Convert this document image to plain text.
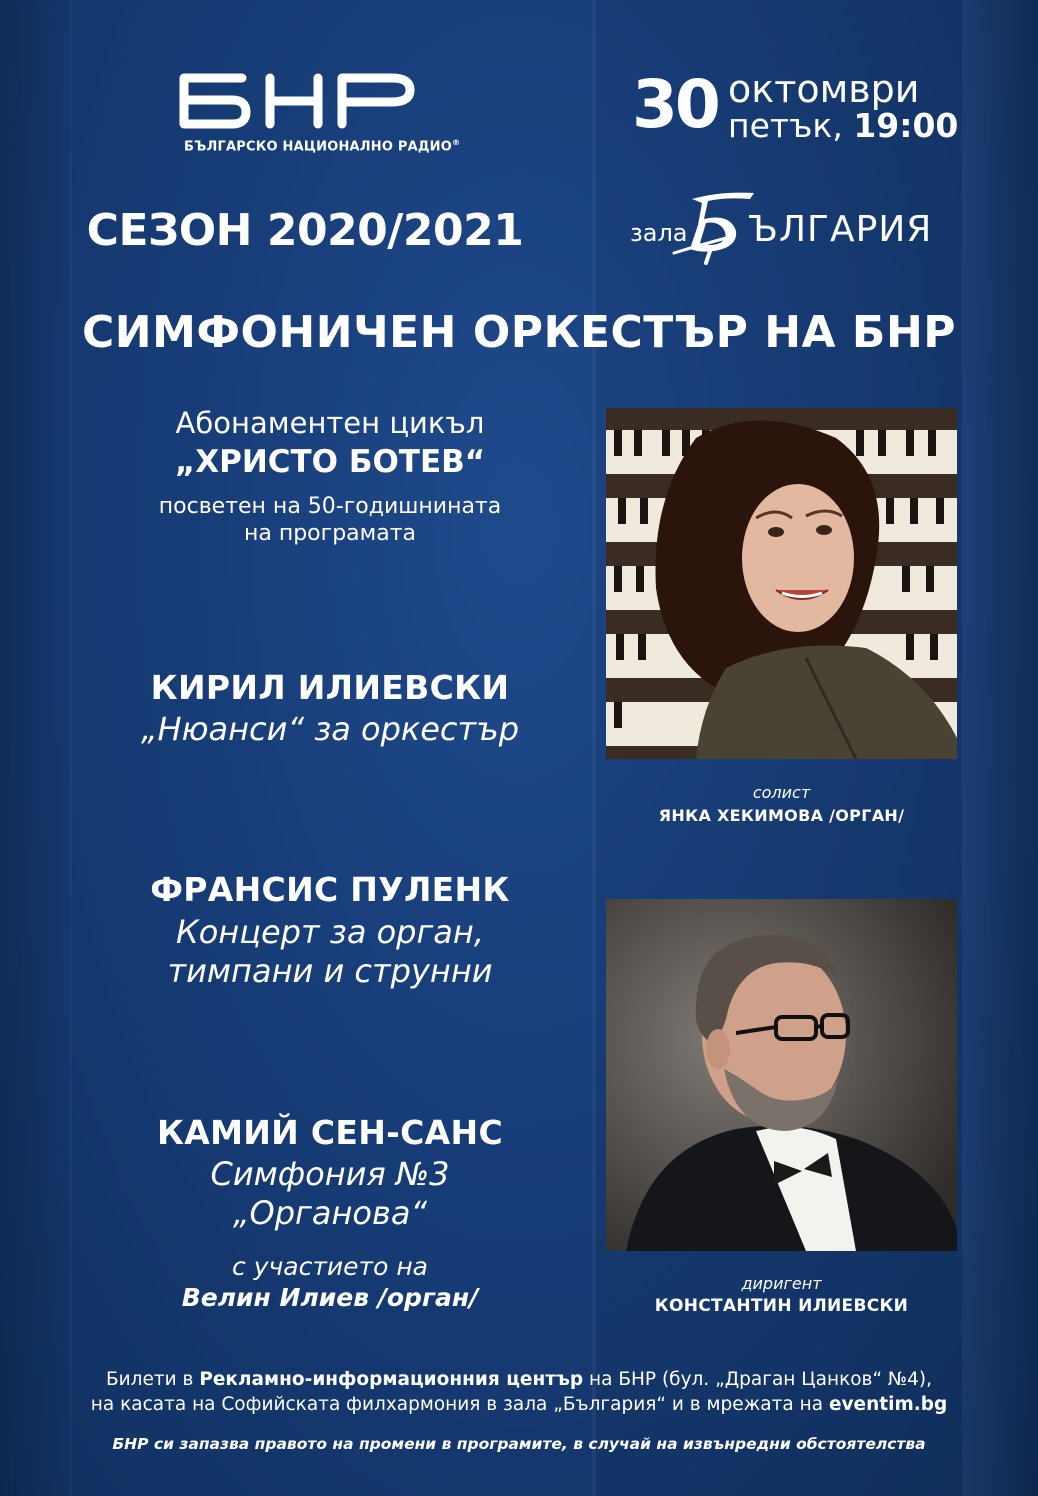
БЪЛГАРСКО НАЦИОНАЛНО РАДИО®	30 октомври
петък, 19:00
СЕЗОН 2020/2021	зала ЪЛГАРИЯ
СИМФОНИЧЕН ОРКЕСТЪР НА БНР
Абонаментен цикъл
„ХРИСТО БОТЕВ“
посветен на 50-годишнината
на програмата
КИРИЛ ИЛИЕВСКИ
„Нюанси“ за оркестър
ФРАНСИС ПУЛЕНК
Концерт за орган,
тимпани и струнни
КАМИЙ СЕН-САНС
Симфония №3
„Органова“
с участието на
Велин Илиев /орган/
солист
ЯНКА ХЕКИМОВА /ОРГАН/
диригент
КОНСТАНТИН ИЛИЕВСКИ
Билети в Рекламно-информационния център на БНР (бул. „Драган Цанков“ №4),
на касата на Софийската филхармония в зала „България“ и в мрежата на eventim.bg
БНР си запазва правото на промени в програмите, в случай на извънредни обстоятелства
